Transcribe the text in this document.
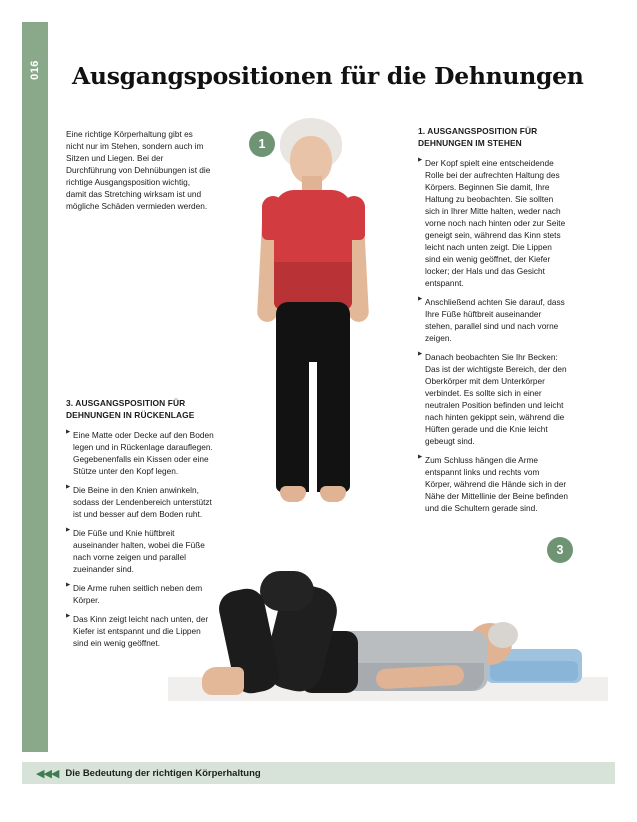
016 Ausgangspositionen für die Dehnungen

Eine richtige Körperhaltung gibt es nicht nur im Stehen, sondern auch im Sitzen und Liegen. Bei der Durchführung von Dehnübungen ist die richtige Ausgangsposition wichtig, damit das Stretching wirksam ist und mögliche Schäden vermieden werden.

3. AUSGANGSPOSITION FÜR DEHNUNGEN IN RÜCKENLAGE
▶ Eine Matte oder Decke auf den Boden legen und in Rückenlage darauflegen. Gegebenenfalls ein Kissen oder eine Stütze unter den Kopf legen.
▶ Die Beine in den Knien anwinkeln, sodass der Lendenbereich unterstützt ist und besser auf dem Boden ruht.
▶ Die Füße und Knie hüftbreit auseinander halten, wobei die Füße nach vorne zeigen und parallel zueinander sind.
▶ Die Arme ruhen seitlich neben dem Körper.
▶ Das Kinn zeigt leicht nach unten, der Kiefer ist entspannt und die Lippen sind ein wenig geöffnet.
1. AUSGANGSPOSITION FÜR DEHNUNGEN IM STEHEN
▶ Der Kopf spielt eine entscheidende Rolle bei der aufrechten Haltung des Körpers. Beginnen Sie damit, Ihre Haltung zu beobachten. Sie sollten sich in Ihrer Mitte halten, weder nach vorne noch nach hinten oder zur Seite geneigt sein, während das Kinn stets leicht nach unten zeigt. Die Lippen sind ein wenig geöffnet, der Kiefer locker; der Hals und das Gesicht entspannt.
▶ Anschließend achten Sie darauf, dass Ihre Füße hüftbreit auseinander stehen, parallel sind und nach vorne zeigen.
▶ Danach beobachten Sie Ihr Becken: Das ist der wichtigste Bereich, der den Oberkörper mit dem Unterkörper verbindet. Es sollte sich in einer neutralen Position befinden und leicht nach hinten gekippt sein, während die Hüften gerade und die Knie leicht gebeugt sind.
▶ Zum Schluss hängen die Arme entspannt links und rechts vom Körper, während die Hände sich in der Nähe der Mittellinie der Beine befinden und die Schultern gerade sind.
1
3
◀◀◀ Die Bedeutung der richtigen Körperhaltung
